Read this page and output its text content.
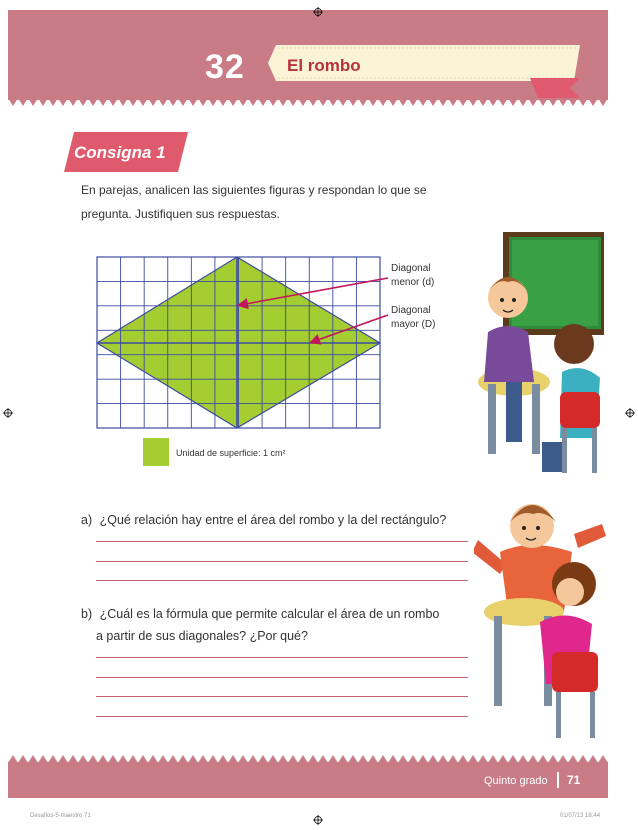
32 El rombo
Consigna 1
En parejas, analicen las siguientes figuras y respondan lo que se pregunta. Justifiquen sus respuestas.
Diagonal
menor (d)
Diagonal
mayor (D)
Unidad de superficie: 1 cm²
a) ¿Qué relación hay entre el área del rombo y la del rectángulo?
b) ¿Cuál es la fórmula que permite calcular el área de un rombo
a partir de sus diagonales? ¿Por qué?
Quinto grado 71
Desafios-5-maestro 71	01/07/13 18:44
